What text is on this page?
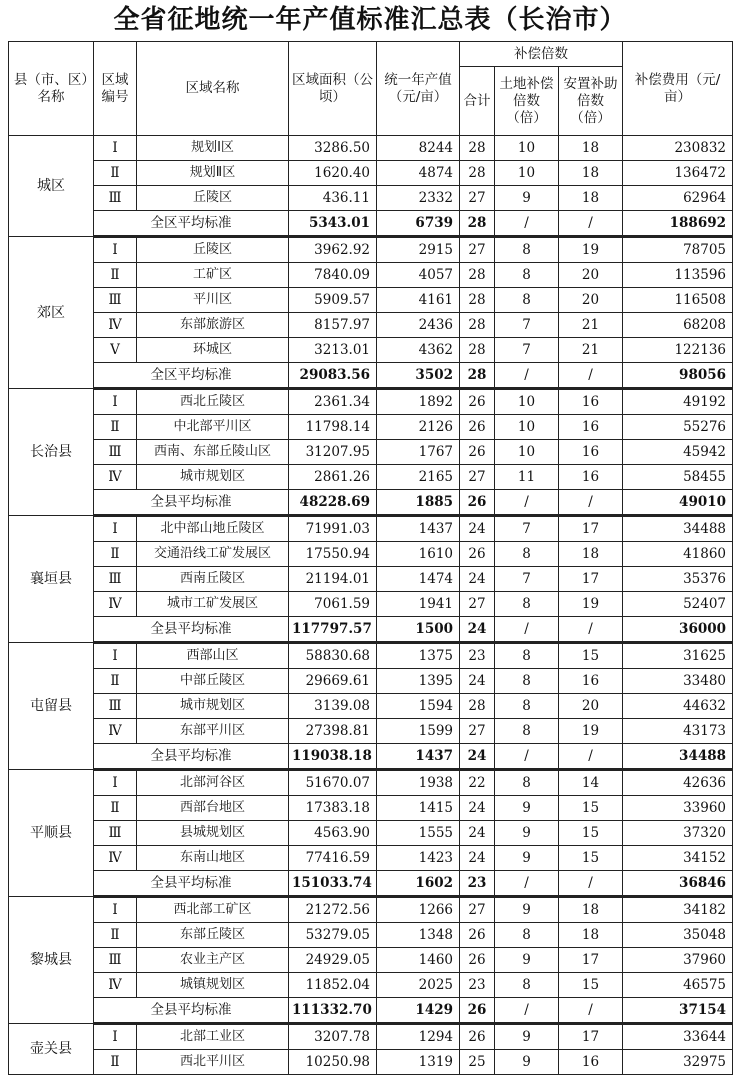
全省征地统一年产值标准汇总表（长治市）
县（市、区）名称	区域编号	区域名称	区域面积（公顷）	统一年产值（元/亩）	补偿倍数			补偿费用（元/亩）
					合计	土地补偿倍数（倍）	安置补助倍数（倍）	
城区	Ⅰ	规划Ⅰ区	3286.50	8244	28	10	18	230832
	Ⅱ	规划Ⅱ区	1620.40	4874	28	10	18	136472
	Ⅲ	丘陵区	436.11	2332	27	9	18	62964
	全区平均标准		5343.01	6739	28	/	/	188692
郊区	Ⅰ	丘陵区	3962.92	2915	27	8	19	78705
	Ⅱ	工矿区	7840.09	4057	28	8	20	113596
	Ⅲ	平川区	5909.57	4161	28	8	20	116508
	Ⅳ	东部旅游区	8157.97	2436	28	7	21	68208
	Ⅴ	环城区	3213.01	4362	28	7	21	122136
	全区平均标准		29083.56	3502	28	/	/	98056
长治县	Ⅰ	西北丘陵区	2361.34	1892	26	10	16	49192
	Ⅱ	中北部平川区	11798.14	2126	26	10	16	55276
	Ⅲ	西南、东部丘陵山区	31207.95	1767	26	10	16	45942
	Ⅳ	城市规划区	2861.26	2165	27	11	16	58455
	全县平均标准		48228.69	1885	26	/	/	49010
襄垣县	Ⅰ	北中部山地丘陵区	71991.03	1437	24	7	17	34488
	Ⅱ	交通沿线工矿发展区	17550.94	1610	26	8	18	41860
	Ⅲ	西南丘陵区	21194.01	1474	24	7	17	35376
	Ⅳ	城市工矿发展区	7061.59	1941	27	8	19	52407
	全县平均标准		117797.57	1500	24	/	/	36000
屯留县	Ⅰ	西部山区	58830.68	1375	23	8	15	31625
	Ⅱ	中部丘陵区	29669.61	1395	24	8	16	33480
	Ⅲ	城市规划区	3139.08	1594	28	8	20	44632
	Ⅳ	东部平川区	27398.81	1599	27	8	19	43173
	全县平均标准		119038.18	1437	24	/	/	34488
平顺县	Ⅰ	北部河谷区	51670.07	1938	22	8	14	42636
	Ⅱ	西部台地区	17383.18	1415	24	9	15	33960
	Ⅲ	县城规划区	4563.90	1555	24	9	15	37320
	Ⅳ	东南山地区	77416.59	1423	24	9	15	34152
	全县平均标准		151033.74	1602	23	/	/	36846
黎城县	Ⅰ	西北部工矿区	21272.56	1266	27	9	18	34182
	Ⅱ	东部丘陵区	53279.05	1348	26	8	18	35048
	Ⅲ	农业主产区	24929.05	1460	26	9	17	37960
	Ⅳ	城镇规划区	11852.04	2025	23	8	15	46575
	全县平均标准		111332.70	1429	26	/	/	37154
壶关县	Ⅰ	北部工业区	3207.78	1294	26	9	17	33644
	Ⅱ	西北平川区	10250.98	1319	25	9	16	32975
